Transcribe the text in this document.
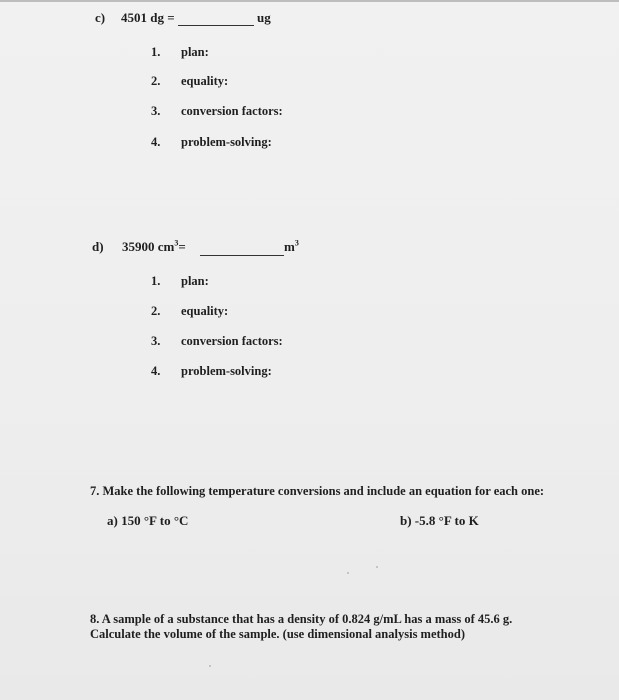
c) 4501 dg =	ug
1. plan:
2. equality:
3. conversion factors:
4. problem-solving:
d) 35900 $cm^3=$	$m^3$
1. plan:
2. equality:
3. conversion factors:
4. problem-solving:
7. Make the following temperature conversions and include an equation for each one:
a) 150 °F to °C	b) -5.8 °F to K
8. A sample of a substance that has a density of 0.824 g/mL has a mass of 45.6 g.
Calculate the volume of the sample. (use dimensional analysis method)
